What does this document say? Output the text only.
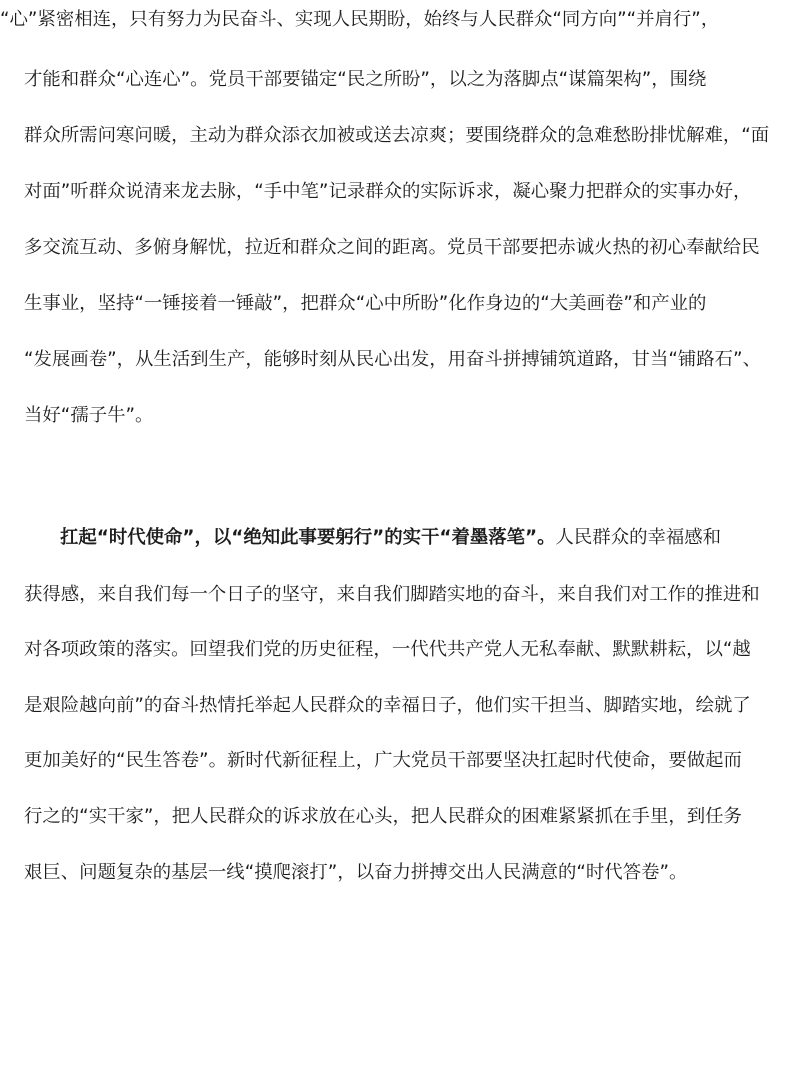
“心”紧密相连，只有努力为民奋斗、实现人民期盼，始终与人民群众“同方向”“并肩行”，
才能和群众“心连心”。党员干部要锚定“民之所盼”，以之为落脚点“谋篇架构”，围绕
群众所需问寒问暖，主动为群众添衣加被或送去凉爽；要围绕群众的急难愁盼排忧解难，“面
对面”听群众说清来龙去脉，“手中笔”记录群众的实际诉求，凝心聚力把群众的实事办好，
多交流互动、多俯身解忧，拉近和群众之间的距离。党员干部要把赤诚火热的初心奉献给民
生事业，坚持“一锤接着一锤敲”，把群众“心中所盼”化作身边的“大美画卷”和产业的
“发展画卷”，从生活到生产，能够时刻从民心出发，用奋斗拼搏铺筑道路，甘当“铺路石”、
当好“孺子牛”。
扛起“时代使命”，以“绝知此事要躬行”的实干“着墨落笔”。人民群众的幸福感和
获得感，来自我们每一个日子的坚守，来自我们脚踏实地的奋斗，来自我们对工作的推进和
对各项政策的落实。回望我们党的历史征程，一代代共产党人无私奉献、默默耕耘，以“越
是艰险越向前”的奋斗热情托举起人民群众的幸福日子，他们实干担当、脚踏实地，绘就了
更加美好的“民生答卷”。新时代新征程上，广大党员干部要坚决扛起时代使命，要做起而
行之的“实干家”，把人民群众的诉求放在心头，把人民群众的困难紧紧抓在手里，到任务
艰巨、问题复杂的基层一线“摸爬滚打”，以奋力拼搏交出人民满意的“时代答卷”。
